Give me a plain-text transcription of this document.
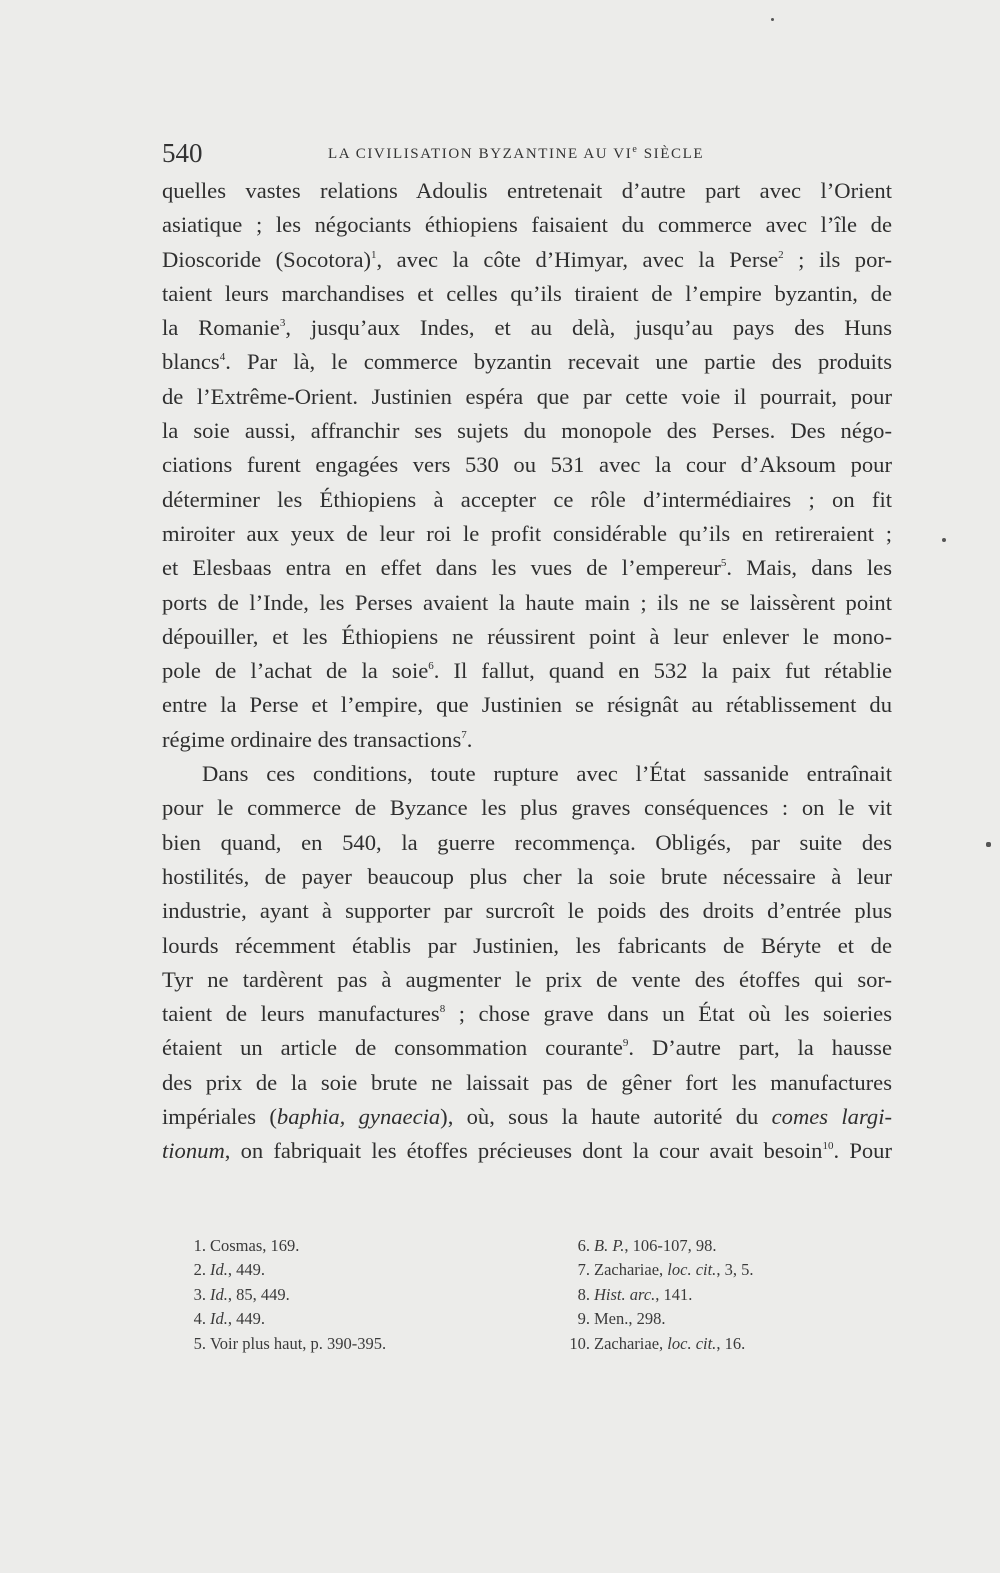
540	LA CIVILISATION BYZANTINE AU VIe SIÈCLE
quelles vastes relations Adoulis entretenait d’autre part avec l’Orient
asiatique ; les négociants éthiopiens faisaient du commerce avec l’île de
Dioscoride (Socotora)$^1$, avec la côte d’Himyar, avec la Perse$^2$ ; ils por-
taient leurs marchandises et celles qu’ils tiraient de l’empire byzantin, de
la Romanie$^3$, jusqu’aux Indes, et au delà, jusqu’au pays des Huns
blancs$^4$. Par là, le commerce byzantin recevait une partie des produits
de l’Extrême-Orient. Justinien espéra que par cette voie il pourrait, pour
la soie aussi, affranchir ses sujets du monopole des Perses. Des négo-
ciations furent engagées vers 530 ou 531 avec la cour d’Aksoum pour
déterminer les Éthiopiens à accepter ce rôle d’intermédiaires ; on fit
miroiter aux yeux de leur roi le profit considérable qu’ils en retireraient ;
et Elesbaas entra en effet dans les vues de l’empereur$^5$. Mais, dans les
ports de l’Inde, les Perses avaient la haute main ; ils ne se laissèrent point
dépouiller, et les Éthiopiens ne réussirent point à leur enlever le mono-
pole de l’achat de la soie$^6$. Il fallut, quand en 532 la paix fut rétablie
entre la Perse et l’empire, que Justinien se résignât au rétablissement du
régime ordinaire des transactions$^7$.
Dans ces conditions, toute rupture avec l’État sassanide entraînait
pour le commerce de Byzance les plus graves conséquences : on le vit
bien quand, en 540, la guerre recommença. Obligés, par suite des
hostilités, de payer beaucoup plus cher la soie brute nécessaire à leur
industrie, ayant à supporter par surcroît le poids des droits d’entrée plus
lourds récemment établis par Justinien, les fabricants de Béryte et de
Tyr ne tardèrent pas à augmenter le prix de vente des étoffes qui sor-
taient de leurs manufactures$^8$ ; chose grave dans un État où les soieries
étaient un article de consommation courante$^9$. D’autre part, la hausse
des prix de la soie brute ne laissait pas de gêner fort les manufactures
impériales (baphia, gynaecia), où, sous la haute autorité du comes largi-
tionum, on fabriquait les étoffes précieuses dont la cour avait besoin$^{10}$. Pour
1. Cosmas, 169.
2. Id., 449.
3. Id., 85, 449.
4. Id., 449.
5. Voir plus haut, p. 390-395.
6. B. P., 106-107, 98.
7. Zachariae, loc. cit., 3, 5.
8. Hist. arc., 141.
9. Men., 298.
10. Zachariae, loc. cit., 16.
